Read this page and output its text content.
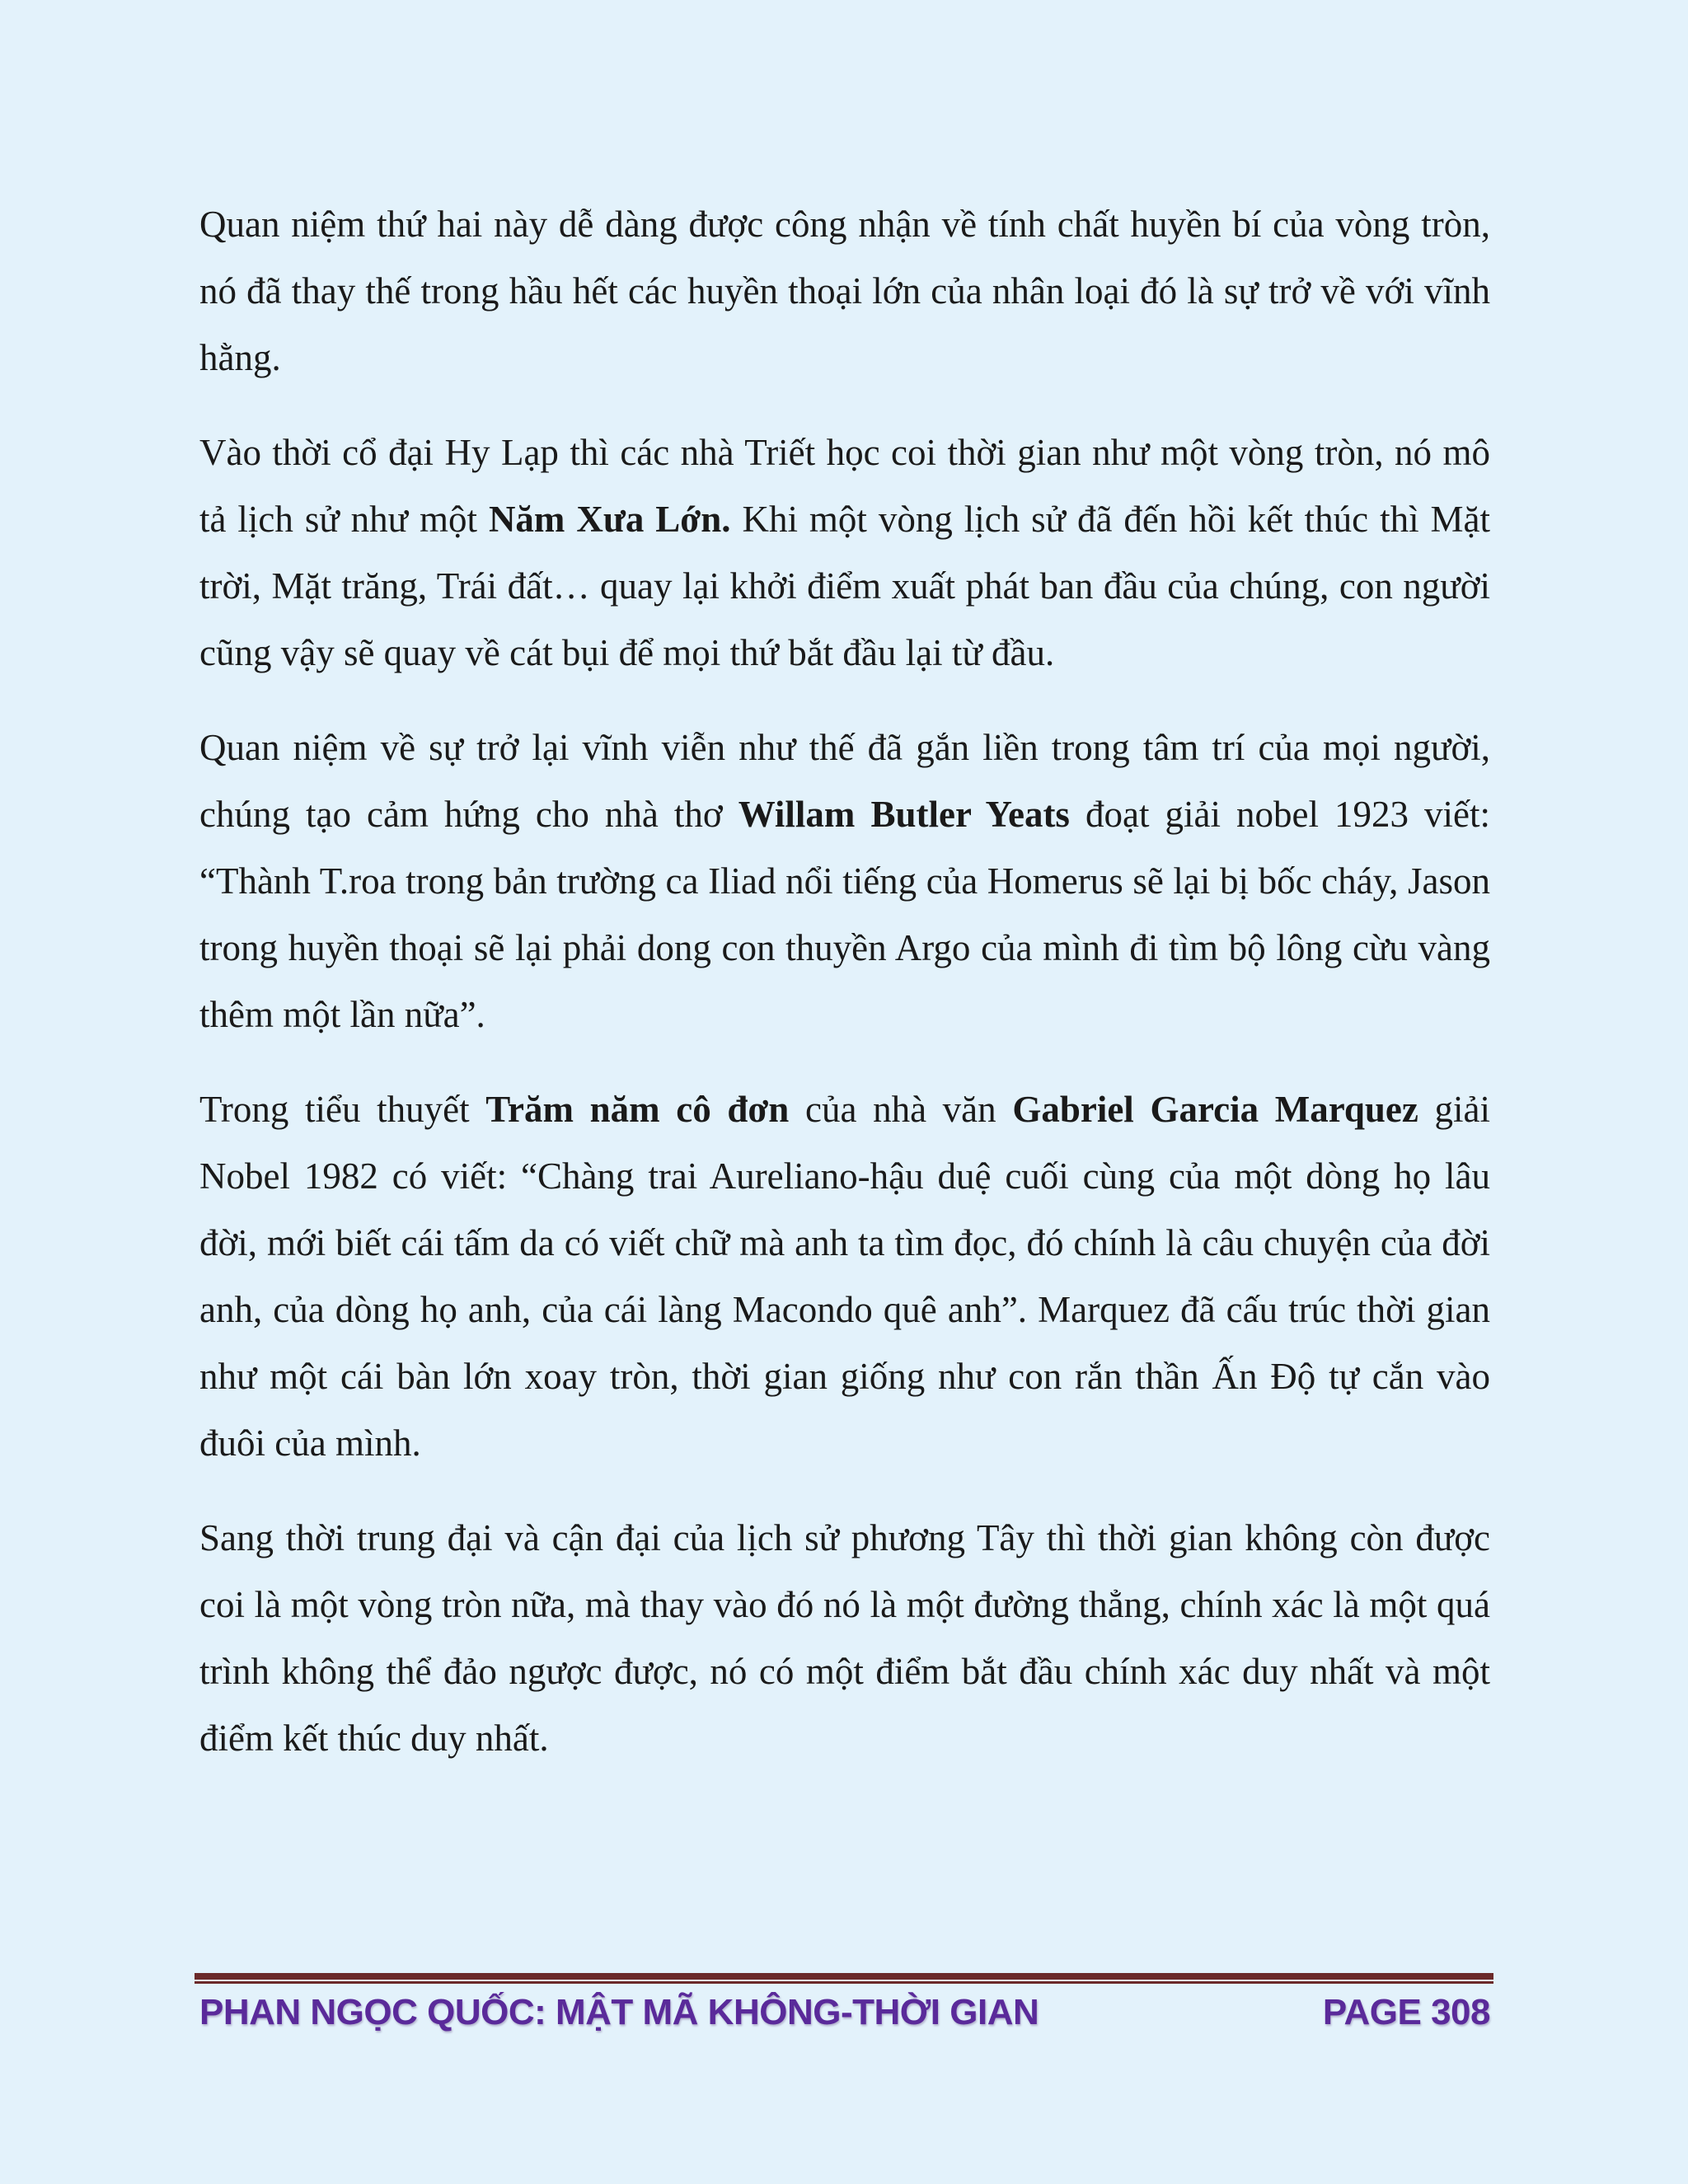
Quan niệm thứ hai này dễ dàng được công nhận về tính chất huyền bí của vòng tròn, nó đã thay thế trong hầu hết các huyền thoại lớn của nhân loại đó là sự trở về với vĩnh hằng.

Vào thời cổ đại Hy Lạp thì các nhà Triết học coi thời gian như một vòng tròn, nó mô tả lịch sử như một Năm Xưa Lớn. Khi một vòng lịch sử đã đến hồi kết thúc thì Mặt trời, Mặt trăng, Trái đất… quay lại khởi điểm xuất phát ban đầu của chúng, con người cũng vậy sẽ quay về cát bụi để mọi thứ bắt đầu lại từ đầu.

Quan niệm về sự trở lại vĩnh viễn như thế đã gắn liền trong tâm trí của mọi người, chúng tạo cảm hứng cho nhà thơ Willam Butler Yeats đoạt giải nobel 1923 viết: “Thành T.roa trong bản trường ca Iliad nổi tiếng của Homerus sẽ lại bị bốc cháy, Jason trong huyền thoại sẽ lại phải dong con thuyền Argo của mình đi tìm bộ lông cừu vàng thêm một lần nữa”.

Trong tiểu thuyết Trăm năm cô đơn của nhà văn Gabriel Garcia Marquez giải Nobel 1982 có viết: “Chàng trai Aureliano-hậu duệ cuối cùng của một dòng họ lâu đời, mới biết cái tấm da có viết chữ mà anh ta tìm đọc, đó chính là câu chuyện của đời anh, của dòng họ anh, của cái làng Macondo quê anh”. Marquez đã cấu trúc thời gian như một cái bàn lớn xoay tròn, thời gian giống như con rắn thần Ấn Độ tự cắn vào đuôi của mình.

Sang thời trung đại và cận đại của lịch sử phương Tây thì thời gian không còn được coi là một vòng tròn nữa, mà thay vào đó nó là một đường thẳng, chính xác là một quá trình không thể đảo ngược được, nó có một điểm bắt đầu chính xác duy nhất và một điểm kết thúc duy nhất.

PHAN NGỌC QUỐC: MẬT MÃ KHÔNG-THỜI GIAN	PAGE 308
